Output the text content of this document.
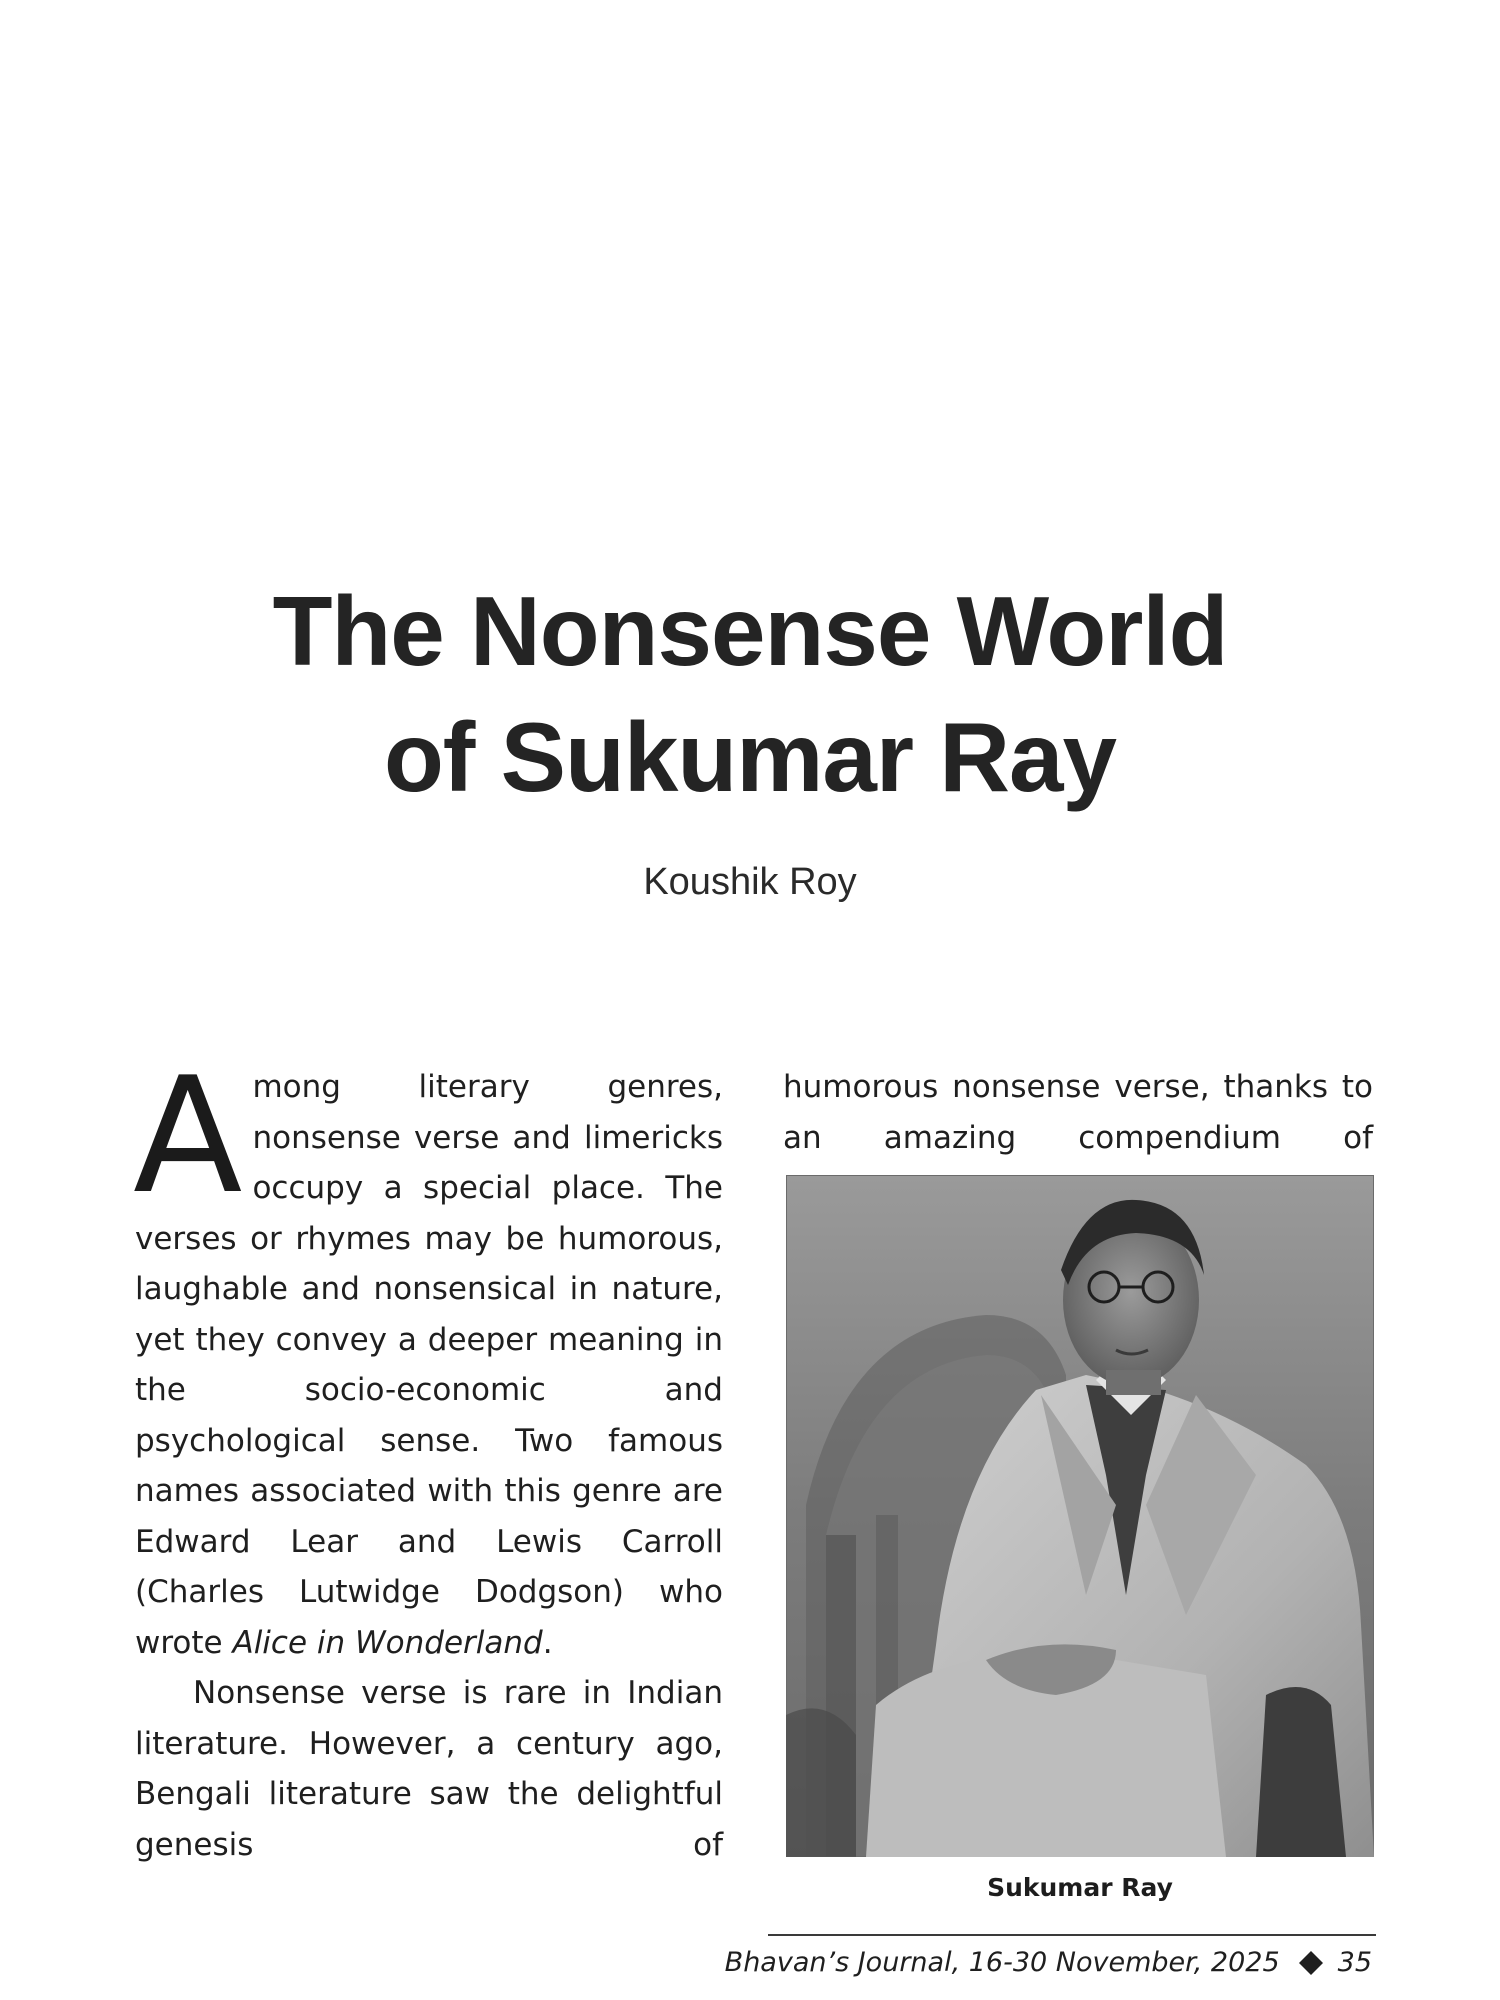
The Nonsense World
of Sukumar Ray
Koushik Roy

Among literary genres, nonsense verse and limericks occupy a special place. The verses or rhymes may be humorous, laughable and nonsensical in nature, yet they convey a deeper meaning in the socio-economic and psychological sense. Two famous names associated with this genre are Edward Lear and Lewis Carroll (Charles Lutwidge Dodgson) who wrote Alice in Wonderland.

Nonsense verse is rare in Indian literature. However, a century ago, Bengali literature saw the delightful genesis of

humorous nonsense verse, thanks to an amazing compendium of

Sukumar Ray
Bhavan’s Journal, 16-30 November, 2025 35
